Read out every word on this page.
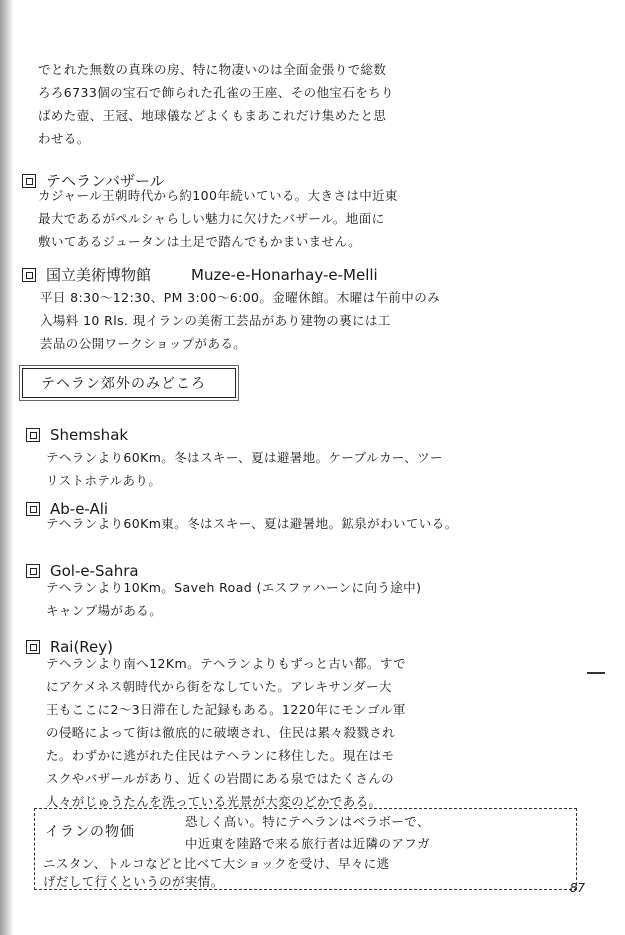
でとれた無数の真珠の房、特に物凄いのは全面金張りで総数
ろろ6733個の宝石で飾られた孔雀の王座、その他宝石をちり
ばめた壺、王冠、地球儀などよくもまあこれだけ集めたと思
わせる。
テヘランバザール
カジャール王朝時代から約100年続いている。大きさは中近東
最大であるがペルシャらしい魅力に欠けたバザール。地面に
敷いてあるジュータンは土足で踏んでもかまいません。
国立美術博物館	Muze-e-Honarhay-e-Melli
平日 8:30～12:30、PM 3:00～6:00。金曜休館。木曜は午前中のみ
入場料 10 Rls. 現イランの美術工芸品があり建物の裏には工
芸品の公開ワークショップがある。
テヘラン郊外のみどころ
Shemshak
テヘランより60Km。冬はスキー、夏は避暑地。ケーブルカー、ツー
リストホテルあり。
Ab-e-Ali
テヘランより60Km東。冬はスキー、夏は避暑地。鉱泉がわいている。
Gol-e-Sahra
テヘランより10Km。Saveh Road (エスファハーンに向う途中)
キャンプ場がある。
Rai(Rey)
テヘランより南へ12Km。テヘランよりもずっと古い都。すで
にアケメネス朝時代から街をなしていた。アレキサンダー大
王もここに2～3日滞在した記録もある。1220年にモンゴル軍
の侵略によって街は徹底的に破壊され、住民は累々殺戮され
た。わずかに逃がれた住民はテヘランに移住した。現在はモ
スクやバザールがあり、近くの岩間にある泉ではたくさんの
人々がじゅうたんを洗っている光景が大変のどかである。
イランの物価
恐しく高い。特にテヘランはベラボーで、
中近東を陸路で来る旅行者は近隣のアフガ
ニスタン、トルコなどと比べて大ショックを受け、早々に逃
げだして行くというのが実情。	87
